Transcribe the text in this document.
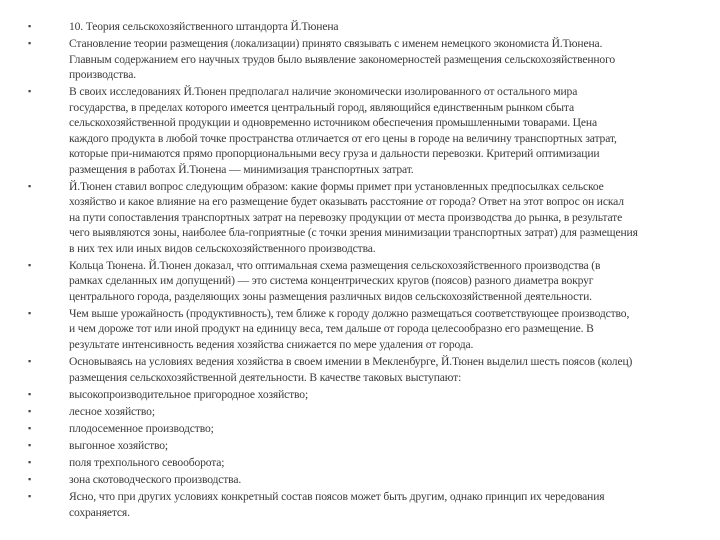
▪	10. Теория сельскохозяйственного штандорта Й.Тюнена
▪	Становление теории размещения (локализации) принято связывать с именем немецкого экономиста Й.Тюнена.
Главным содержанием его научных трудов было выявление закономерностей размещения сельскохозяйственного
производства.
▪	В своих исследованиях Й.Тюнен предполагал наличие экономически изолированного от остального мира
государства, в пределах которого имеется центральный город, являющийся единственным рынком сбыта
сельскохозяйственной продукции и одновременно источником обеспечения промышленными товарами. Цена
каждого продукта в любой точке пространства отличается от его цены в городе на величину транспортных затрат,
которые при-нимаются прямо пропорциональными весу груза и дальности перевозки. Критерий оптимизации
размещения в работах Й.Тюнена — минимизация транспортных затрат.
▪	Й.Тюнен ставил вопрос следующим образом: какие формы примет при установленных предпосылках сельское
хозяйство и какое влияние на его размещение будет оказывать расстояние от города? Ответ на этот вопрос он искал
на пути сопоставления транспортных затрат на перевозку продукции от места производства до рынка, в результате
чего выявляются зоны, наиболее бла-гоприятные (с точки зрения минимизации транспортных затрат) для размещения
в них тех или иных видов сельскохозяйственного производства.
▪	Кольца Тюнена. Й.Тюнен доказал, что оптимальная схема размещения сельскохозяйственного производства (в
рамках сделанных им допущений) — это система концентрических кругов (поясов) разного диаметра вокруг
центрального города, разделяющих зоны размещения различных видов сельскохозяйственной деятельности.
▪	Чем выше урожайность (продуктивность), тем ближе к городу должно размещаться соответствующее производство,
и чем дороже тот или иной продукт на единицу веса, тем дальше от города целесообразно его размещение. В
результате интенсивность ведения хозяйства снижается по мере удаления от города.
▪	Основываясь на условиях ведения хозяйства в своем имении в Мекленбурге, Й.Тюнен выделил шесть поясов (колец)
размещения сельскохозяйственной деятельности. В качестве таковых выступают:
▪	высокопроизводительное пригородное хозяйство;
▪	лесное хозяйство;
▪	плодосеменное производство;
▪	выгонное хозяйство;
▪	поля трехпольного севооборота;
▪	зона скотоводческого производства.
▪	Ясно, что при других условиях конкретный состав поясов может быть другим, однако принцип их чередования
сохраняется.
